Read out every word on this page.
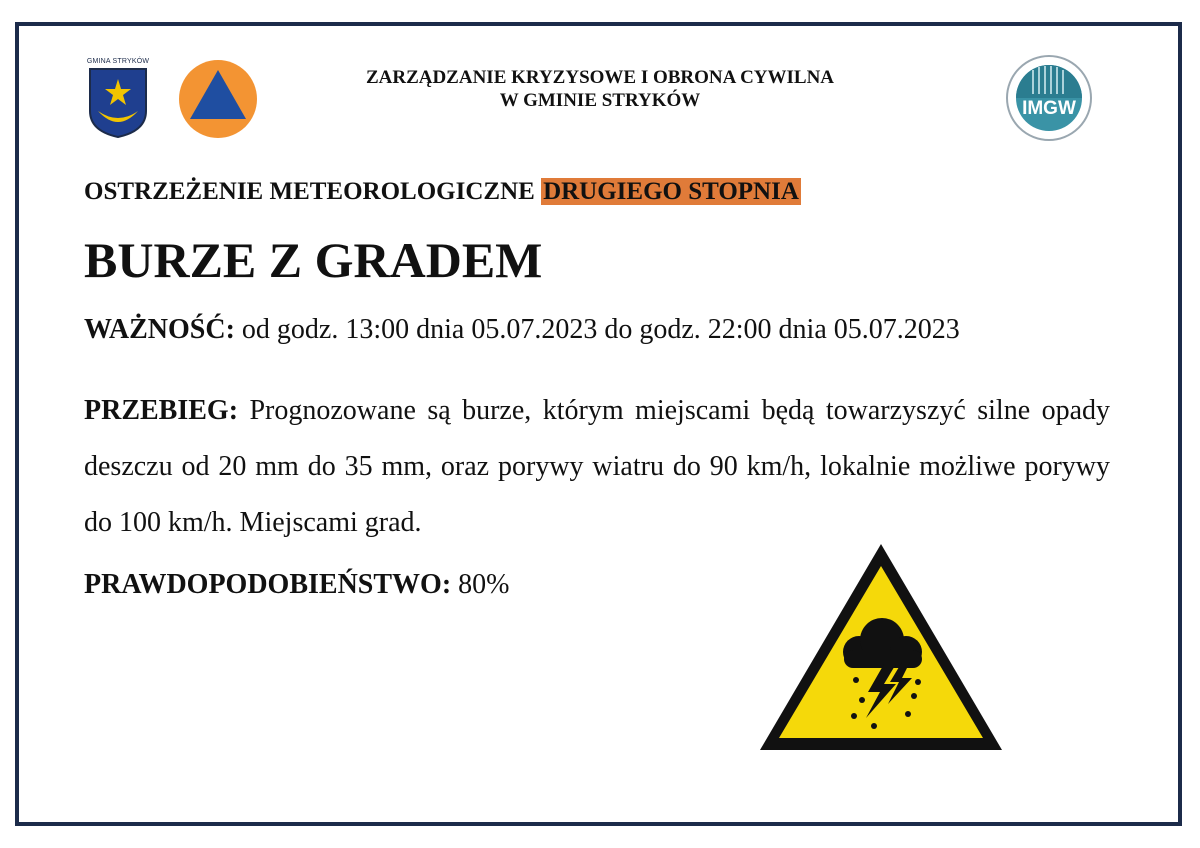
GMINA STRYKÓW
ZARZĄDZANIE KRYZYSOWE I OBRONA CYWILNA
W GMINIE STRYKÓW	IMGW
OSTRZEŻENIE METEOROLOGICZNE DRUGIEGO STOPNIA
BURZE Z GRADEM
WAŻNOŚĆ: od godz. 13:00 dnia 05.07.2023 do godz. 22:00 dnia 05.07.2023
PRZEBIEG: Prognozowane są burze, którym miejscami będą towarzyszyć silne opady deszczu od 20 mm do 35 mm, oraz porywy wiatru do 90 km/h, lokalnie możliwe porywy do 100 km/h. Miejscami grad.
PRAWDOPODOBIEŃSTWO: 80%
